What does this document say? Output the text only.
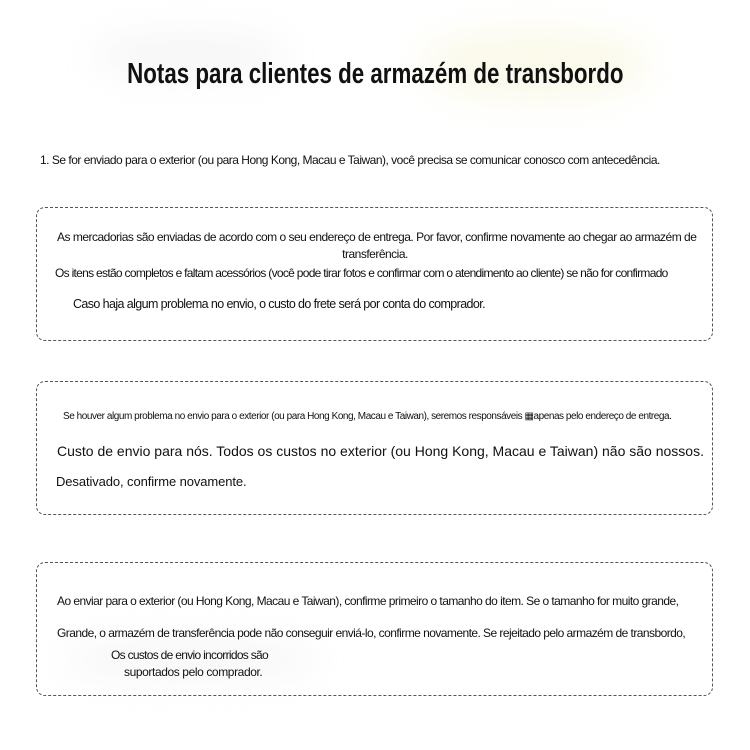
Notas para clientes de armazém de transbordo
1. Se for enviado para o exterior (ou para Hong Kong, Macau e Taiwan), você precisa se comunicar conosco com antecedência.
As mercadorias são enviadas de acordo com o seu endereço de entrega. Por favor, confirme novamente ao chegar ao armazém de
transferência.
Os itens estão completos e faltam acessórios (você pode tirar fotos e confirmar com o atendimento ao cliente) se não for confirmado
Caso haja algum problema no envio, o custo do frete será por conta do comprador.
Se houver algum problema no envio para o exterior (ou para Hong Kong, Macau e Taiwan), seremos responsáveis ▦apenas pelo endereço de entrega.
Custo de envio para nós. Todos os custos no exterior (ou Hong Kong, Macau e Taiwan) não são nossos.
Desativado, confirme novamente.
Ao enviar para o exterior (ou Hong Kong, Macau e Taiwan), confirme primeiro o tamanho do item. Se o tamanho for muito grande,
Grande, o armazém de transferência pode não conseguir enviá-lo, confirme novamente. Se rejeitado pelo armazém de transbordo,
Os custos de envio incorridos são
suportados pelo comprador.
